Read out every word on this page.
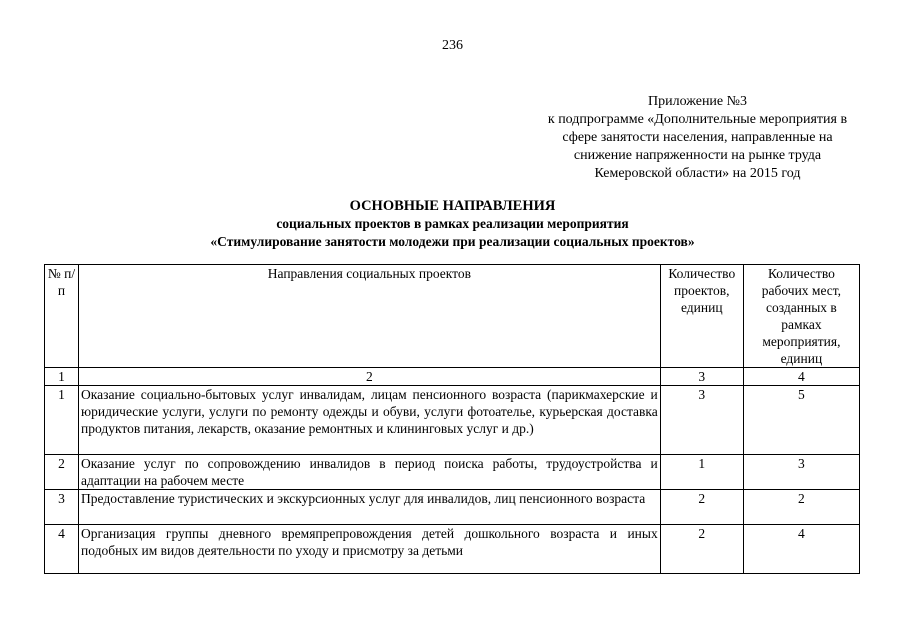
236
Приложение №3
к подпрограмме «Дополнительные мероприятия в
сфере занятости населения, направленные на
снижение напряженности на рынке труда
Кемеровской области» на 2015 год
ОСНОВНЫЕ НАПРАВЛЕНИЯ
социальных проектов в рамках реализации мероприятия
«Стимулирование занятости молодежи при реализации социальных проектов»
№ п/п	Направления социальных проектов	Количество проектов, единиц	Количество рабочих мест, созданных в рамках мероприятия, единиц
1	2	3	4
1	Оказание социально-бытовых услуг инвалидам, лицам пенсионного возраста (парикмахерские и юридические услуги, услуги по ремонту одежды и обуви, услуги фотоателье, курьерская доставка продуктов питания, лекарств, оказание ремонтных и клининговых услуг и др.)	3	5
2	Оказание услуг по сопровождению инвалидов в период поиска работы, трудоустройства и адаптации на рабочем месте	1	3
3	Предоставление туристических и экскурсионных услуг для инвалидов, лиц пенсионного возраста	2	2
4	Организация группы дневного времяпрепровождения детей дошкольного возраста и иных подобных им видов деятельности по уходу и присмотру за детьми	2	4
